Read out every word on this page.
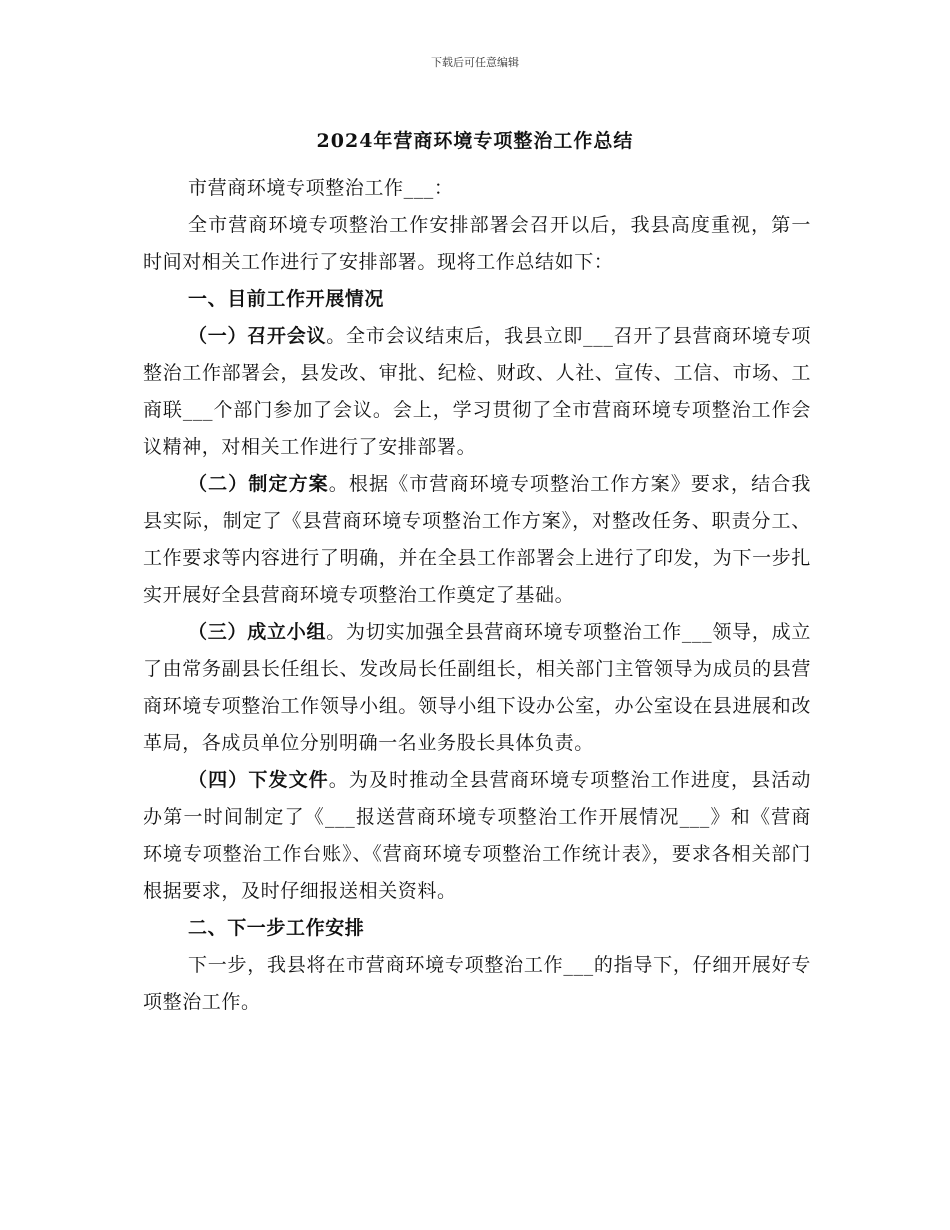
下载后可任意编辑
2024年营商环境专项整治工作总结

市营商环境专项整治工作___：

全市营商环境专项整治工作安排部署会召开以后，我县高度重视，第一时间对相关工作进行了安排部署。现将工作总结如下：

一、目前工作开展情况

（一）召开会议。全市会议结束后，我县立即___召开了县营商环境专项整治工作部署会，县发改、审批、纪检、财政、人社、宣传、工信、市场、工商联___个部门参加了会议。会上，学习贯彻了全市营商环境专项整治工作会议精神，对相关工作进行了安排部署。

（二）制定方案。根据《市营商环境专项整治工作方案》要求，结合我县实际，制定了《县营商环境专项整治工作方案》，对整改任务、职责分工、工作要求等内容进行了明确，并在全县工作部署会上进行了印发，为下一步扎实开展好全县营商环境专项整治工作奠定了基础。

（三）成立小组。为切实加强全县营商环境专项整治工作___领导，成立了由常务副县长任组长、发改局长任副组长，相关部门主管领导为成员的县营商环境专项整治工作领导小组。领导小组下设办公室，办公室设在县进展和改革局，各成员单位分别明确一名业务股长具体负责。

（四）下发文件。为及时推动全县营商环境专项整治工作进度，县活动办第一时间制定了《___报送营商环境专项整治工作开展情况___》和《营商环境专项整治工作台账》、《营商环境专项整治工作统计表》，要求各相关部门根据要求，及时仔细报送相关资料。

二、下一步工作安排

下一步，我县将在市营商环境专项整治工作___的指导下，仔细开展好专项整治工作。
